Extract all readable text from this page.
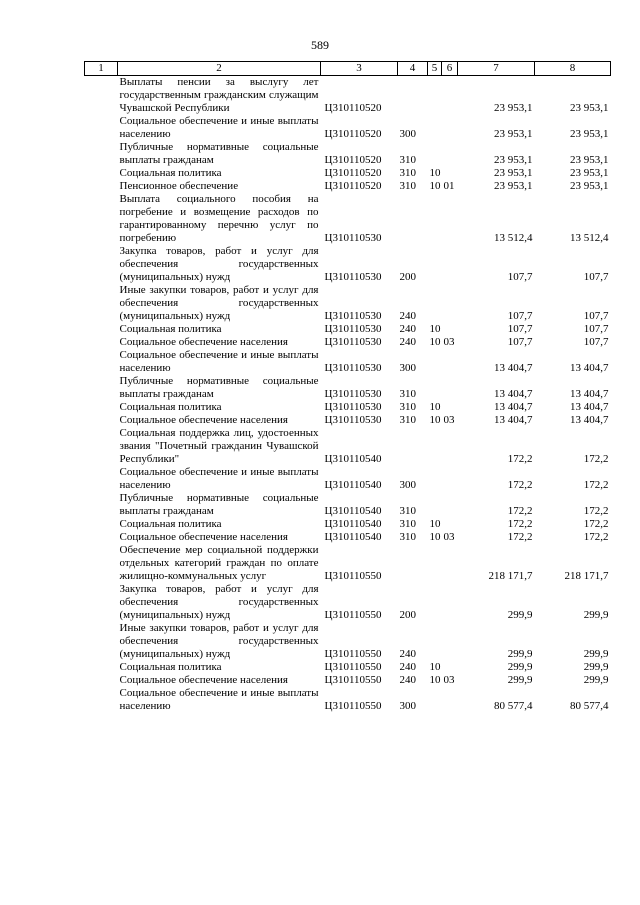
589
1	2	3	4	5	6	7	8
	Выплаты пенсии за выслугу лет государственным гражданским служащим Чувашской Республики	Ц310110520				23 953,1	23 953,1
	Социальное обеспечение и иные выплаты населению	Ц310110520	300			23 953,1	23 953,1
	Публичные нормативные социальные выплаты гражданам	Ц310110520	310			23 953,1	23 953,1
	Социальная политика	Ц310110520	310	10		23 953,1	23 953,1
	Пенсионное обеспечение	Ц310110520	310	10	01	23 953,1	23 953,1
	Выплата социального пособия на погребение и возмещение расходов по гарантированному перечню услуг по погребению	Ц310110530				13 512,4	13 512,4
	Закупка товаров, работ и услуг для обеспечения государственных (муниципальных) нужд	Ц310110530	200			107,7	107,7
	Иные закупки товаров, работ и услуг для обеспечения государственных (муниципальных) нужд	Ц310110530	240			107,7	107,7
	Социальная политика	Ц310110530	240	10		107,7	107,7
	Социальное обеспечение населения	Ц310110530	240	10	03	107,7	107,7
	Социальное обеспечение и иные выплаты населению	Ц310110530	300			13 404,7	13 404,7
	Публичные нормативные социальные выплаты гражданам	Ц310110530	310			13 404,7	13 404,7
	Социальная политика	Ц310110530	310	10		13 404,7	13 404,7
	Социальное обеспечение населения	Ц310110530	310	10	03	13 404,7	13 404,7
	Социальная поддержка лиц, удостоенных звания "Почетный гражданин Чувашской Республики"	Ц310110540				172,2	172,2
	Социальное обеспечение и иные выплаты населению	Ц310110540	300			172,2	172,2
	Публичные нормативные социальные выплаты гражданам	Ц310110540	310			172,2	172,2
	Социальная политика	Ц310110540	310	10		172,2	172,2
	Социальное обеспечение населения	Ц310110540	310	10	03	172,2	172,2
	Обеспечение мер социальной поддержки отдельных категорий граждан по оплате жилищно-коммунальных услуг	Ц310110550				218 171,7	218 171,7
	Закупка товаров, работ и услуг для обеспечения государственных (муниципальных) нужд	Ц310110550	200			299,9	299,9
	Иные закупки товаров, работ и услуг для обеспечения государственных (муниципальных) нужд	Ц310110550	240			299,9	299,9
	Социальная политика	Ц310110550	240	10		299,9	299,9
	Социальное обеспечение населения	Ц310110550	240	10	03	299,9	299,9
	Социальное обеспечение и иные выплаты населению	Ц310110550	300			80 577,4	80 577,4
